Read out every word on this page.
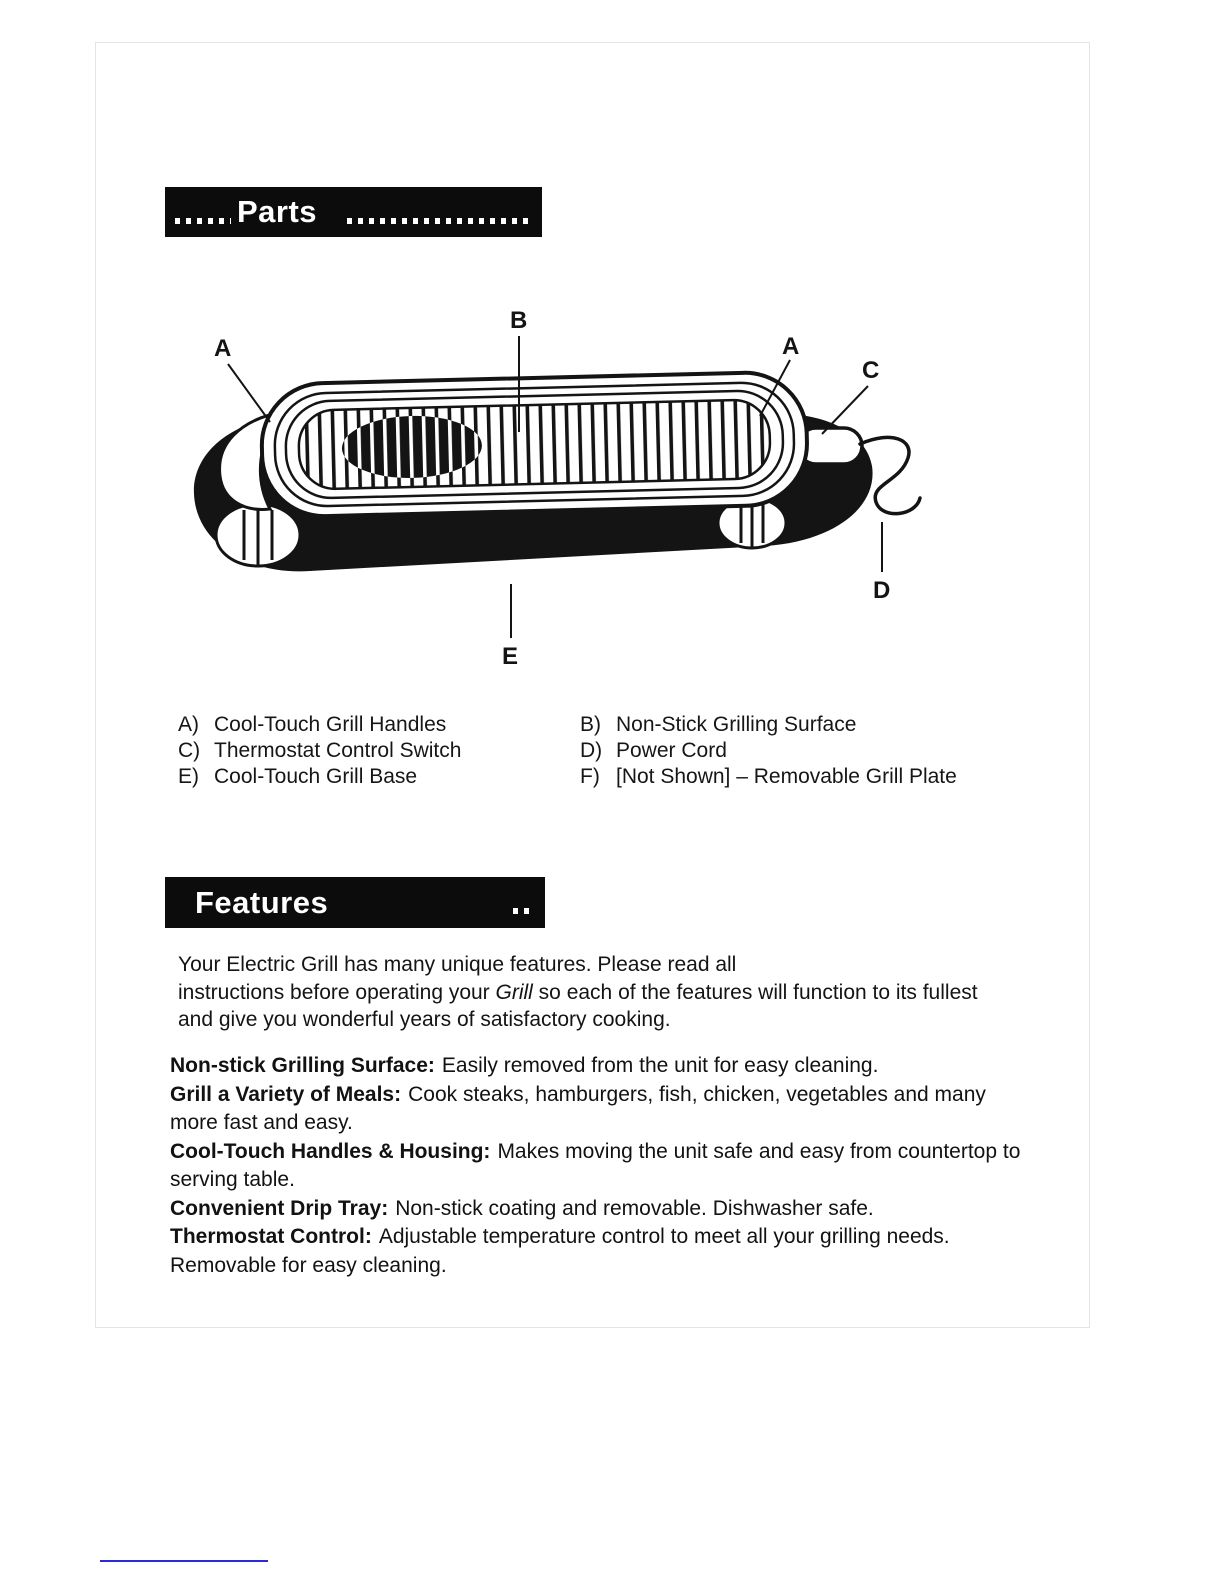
Parts
A
B
A
C
D
E
A) Cool-Touch Grill Handles	B) Non-Stick Grilling Surface
C) Thermostat Control Switch	D) Power Cord
E) Cool-Touch Grill Base	F) [Not Shown] – Removable Grill Plate
Features
Your Electric Grill has many unique features. Please read all
instructions before operating your Grill so each of the features will function to its fullest
and give you wonderful years of satisfactory cooking.

Non-stick Grilling Surface: Easily removed from the unit for easy cleaning.

Grill a Variety of Meals: Cook steaks, hamburgers, fish, chicken, vegetables and many more fast and easy.

Cool-Touch Handles & Housing: Makes moving the unit safe and easy from countertop to serving table.

Convenient Drip Tray: Non-stick coating and removable. Dishwasher safe.

Thermostat Control: Adjustable temperature control to meet all your grilling needs. Removable for easy cleaning.
